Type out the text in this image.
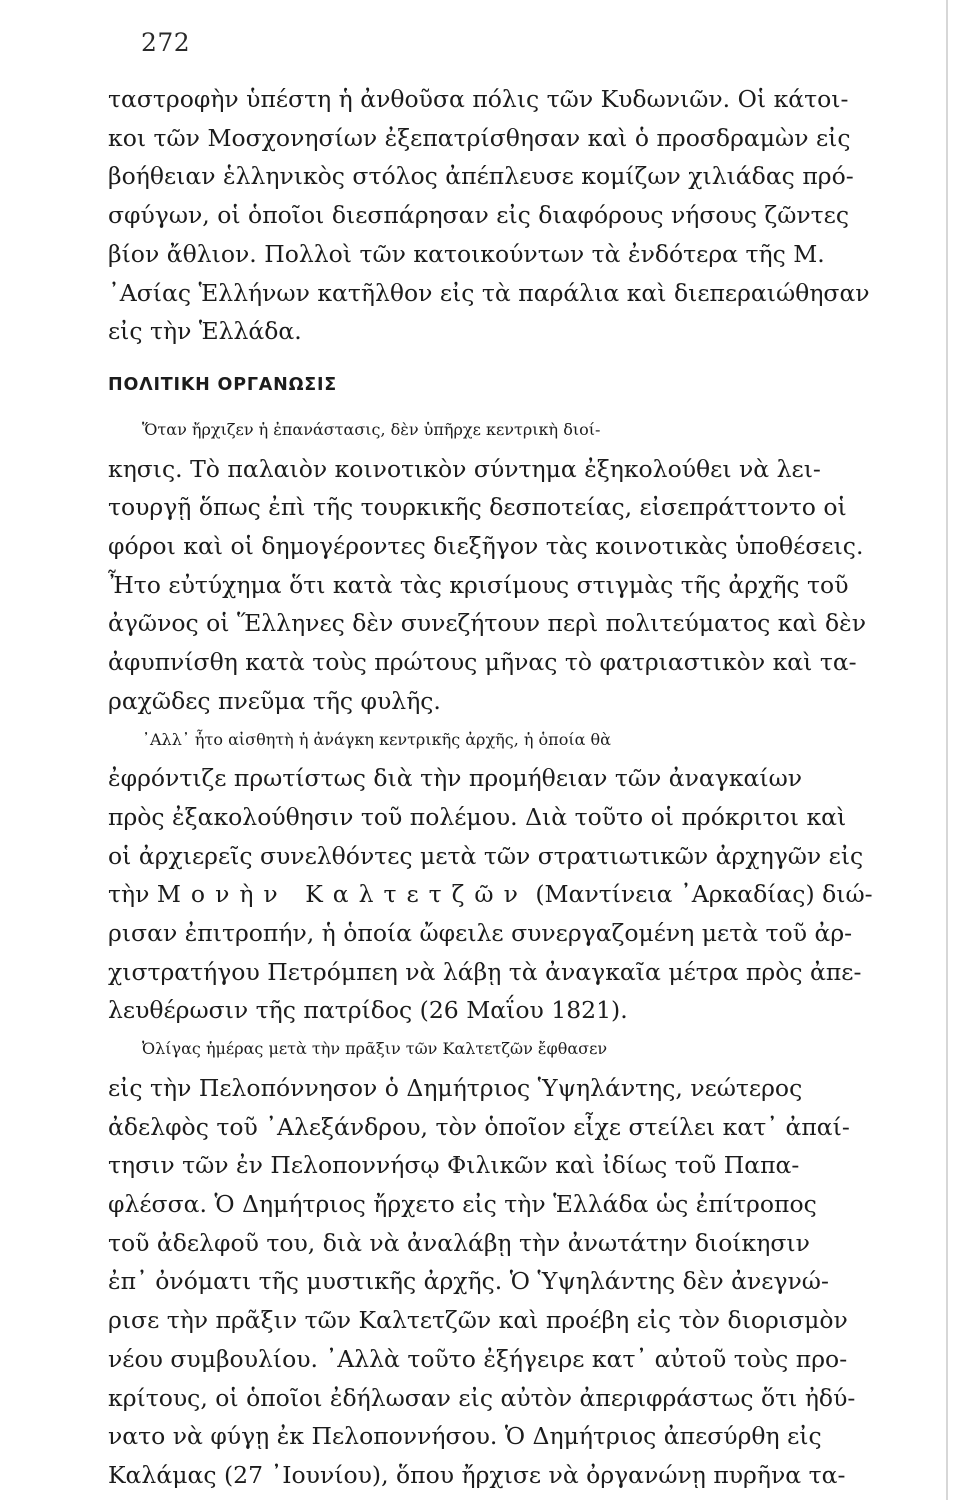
272

ταστροφὴν ὑπέστη ἡ ἀνθοῦσα πόλις τῶν Κυδωνιῶν. Οἱ κάτοι-
κοι τῶν Μοσχονησίων ἐξεπατρίσθησαν καὶ ὁ προσδραμὼν εἰς
βοήθειαν ἑλληνικὸς στόλος ἀπέπλευσε κομίζων χιλιάδας πρό-
σφύγων, οἱ ὁποῖοι διεσπάρησαν εἰς διαφόρους νήσους ζῶντες
βίον ἄθλιον. Πολλοὶ τῶν κατοικούντων τὰ ἐνδότερα τῆς Μ.
᾿Ασίας Ἑλλήνων κατῆλθον εἰς τὰ παράλια καὶ διεπεραιώθησαν
εἰς τὴν Ἑλλάδα.

ΠΟΛΙΤΙΚΗ ΟΡΓΑΝΩΣΙΣ

Ὅταν ἤρχιζεν ἡ ἐπανάστασις, δὲν ὑπῆρχε κεντρικὴ διοί-
κησις. Τὸ παλαιὸν κοινοτικὸν σύντημα ἐξηκολούθει νὰ λει-
τουργῇ ὅπως ἐπὶ τῆς τουρκικῆς δεσποτείας, εἰσεπράττοντο οἱ
φόροι καὶ οἱ δημογέροντες διεξῆγον τὰς κοινοτικὰς ὑποθέσεις.
Ἦτο εὐτύχημα ὅτι κατὰ τὰς κρισίμους στιγμὰς τῆς ἀρχῆς τοῦ
ἀγῶνος οἱ Ἕλληνες δὲν συνεζήτουν περὶ πολιτεύματος καὶ δὲν
ἀφυπνίσθη κατὰ τοὺς πρώτους μῆνας τὸ φατριαστικὸν καὶ τα-
ραχῶδες πνεῦμα τῆς φυλῆς.

᾿Αλλ᾿ ἦτο αἰσθητὴ ἡ ἀνάγκη κεντρικῆς ἀρχῆς, ἡ ὁποία θὰ
ἐφρόντιζε πρωτίστως διὰ τὴν προμήθειαν τῶν ἀναγκαίων
πρὸς ἐξακολούθησιν τοῦ πολέμου. Διὰ τοῦτο οἱ πρόκριτοι καὶ
οἱ ἀρχιερεῖς συνελθόντες μετὰ τῶν στρατιωτικῶν ἀρχηγῶν εἰς
τὴν Μονὴν Καλτετζῶν (Μαντίνεια ᾿Αρκαδίας) διώ-
ρισαν ἐπιτροπήν, ἡ ὁποία ὤφειλε συνεργαζομένη μετὰ τοῦ ἀρ-
χιστρατήγου Πετρόμπεη νὰ λάβῃ τὰ ἀναγκαῖα μέτρα πρὸς ἀπε-
λευθέρωσιν τῆς πατρίδος (26 Μαΐου 1821).

Ὀλίγας ἡμέρας μετὰ τὴν πρᾶξιν τῶν Καλτετζῶν ἔφθασεν
εἰς τὴν Πελοπόννησον ὁ Δημήτριος Ὑψηλάντης, νεώτερος
ἀδελφὸς τοῦ ᾿Αλεξάνδρου, τὸν ὁποῖον εἶχε στείλει κατ᾿ ἀπαί-
τησιν τῶν ἐν Πελοποννήσῳ Φιλικῶν καὶ ἰδίως τοῦ Παπα-
φλέσσα. Ὁ Δημήτριος ἤρχετο εἰς τὴν Ἑλλάδα ὡς ἐπίτροπος
τοῦ ἀδελφοῦ του, διὰ νὰ ἀναλάβῃ τὴν ἀνωτάτην διοίκησιν
ἐπ᾿ ὀνόματι τῆς μυστικῆς ἀρχῆς. Ὁ Ὑψηλάντης δὲν ἀνεγνώ-
ρισε τὴν πρᾶξιν τῶν Καλτετζῶν καὶ προέβη εἰς τὸν διορισμὸν
νέου συμβουλίου. ᾿Αλλὰ τοῦτο ἐξήγειρε κατ᾿ αὐτοῦ τοὺς προ-
κρίτους, οἱ ὁποῖοι ἐδήλωσαν εἰς αὐτὸν ἀπεριφράστως ὅτι ἠδύ-
νατο νὰ φύγῃ ἐκ Πελοποννήσου. Ὁ Δημήτριος ἀπεσύρθη εἰς
Καλάμας (27 ᾿Ιουνίου), ὅπου ἤρχισε νὰ ὀργανώνῃ πυρῆνα τα-
